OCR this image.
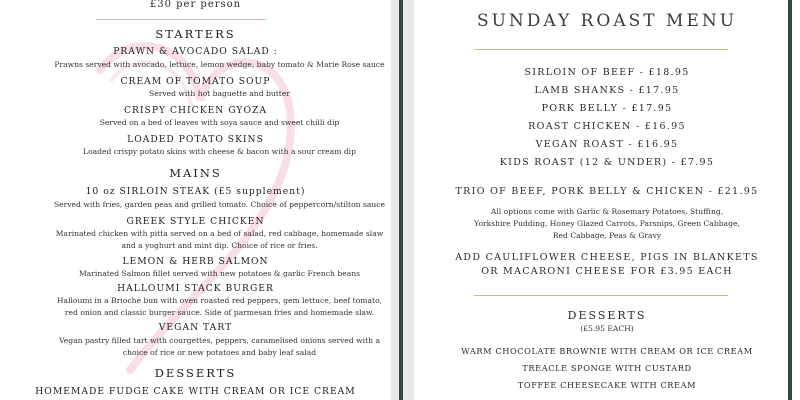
£30 per person
STARTERS
PRAWN & AVOCADO SALAD :
Prawns served with avocado, lettuce, lemon wedge, baby tomato & Marie Rose sauce
CREAM OF TOMATO SOUP
Served with hot baguette and butter
CRISPY CHICKEN GYOZA
Served on a bed of leaves with soya sauce and sweet chilli dip
LOADED POTATO SKINS
Loaded crispy potato skins with cheese & bacon with a sour cream dip
MAINS
10 oz SIRLOIN STEAK (£5 supplement)
Served with fries, garden peas and grilled tomato. Choice of peppercorn/stilton sauce
GREEK STYLE CHICKEN
Marinated chicken with pitta served on a bed of salad, red cabbage, homemade slaw
and a yoghurt and mint dip. Choice of rice or fries.
LEMON & HERB SALMON
Marinated Salmon fillet served with new potatoes & garlic French beans
HALLOUMI STACK BURGER
Halloumi in a Brioche bun with oven roasted red peppers, gem lettuce, beef tomato,
red onion and classic burger sauce. Side of parmesan fries and homemade slaw.
VEGAN TART
Vegan pastry filled tart with courgettes, peppers, caramelised onions served with a
choice of rice or new potatoes and baby leaf salad
DESSERTS
HOMEMADE FUDGE CAKE WITH CREAM OR ICE CREAM
SUNDAY ROAST MENU
SIRLOIN OF BEEF - £18.95
LAMB SHANKS - £17.95
PORK BELLY - £17.95
ROAST CHICKEN - £16.95
VEGAN ROAST - £16.95
KIDS ROAST (12 & UNDER) - £7.95
TRIO OF BEEF, PORK BELLY & CHICKEN - £21.95
All options come with Garlic & Rosemary Potatoes, Stuffing,
Yorkshire Pudding, Honey Glazed Carrots, Parsnips, Green Cabbage,
Red Cabbage, Peas & Gravy
ADD CAULIFLOWER CHEESE, PIGS IN BLANKETS
OR MACARONI CHEESE FOR £3.95 EACH
DESSERTS
(£5.95 EACH)
WARM CHOCOLATE BROWNIE WITH CREAM OR ICE CREAM
TREACLE SPONGE WITH CUSTARD
TOFFEE CHEESECAKE WITH CREAM
